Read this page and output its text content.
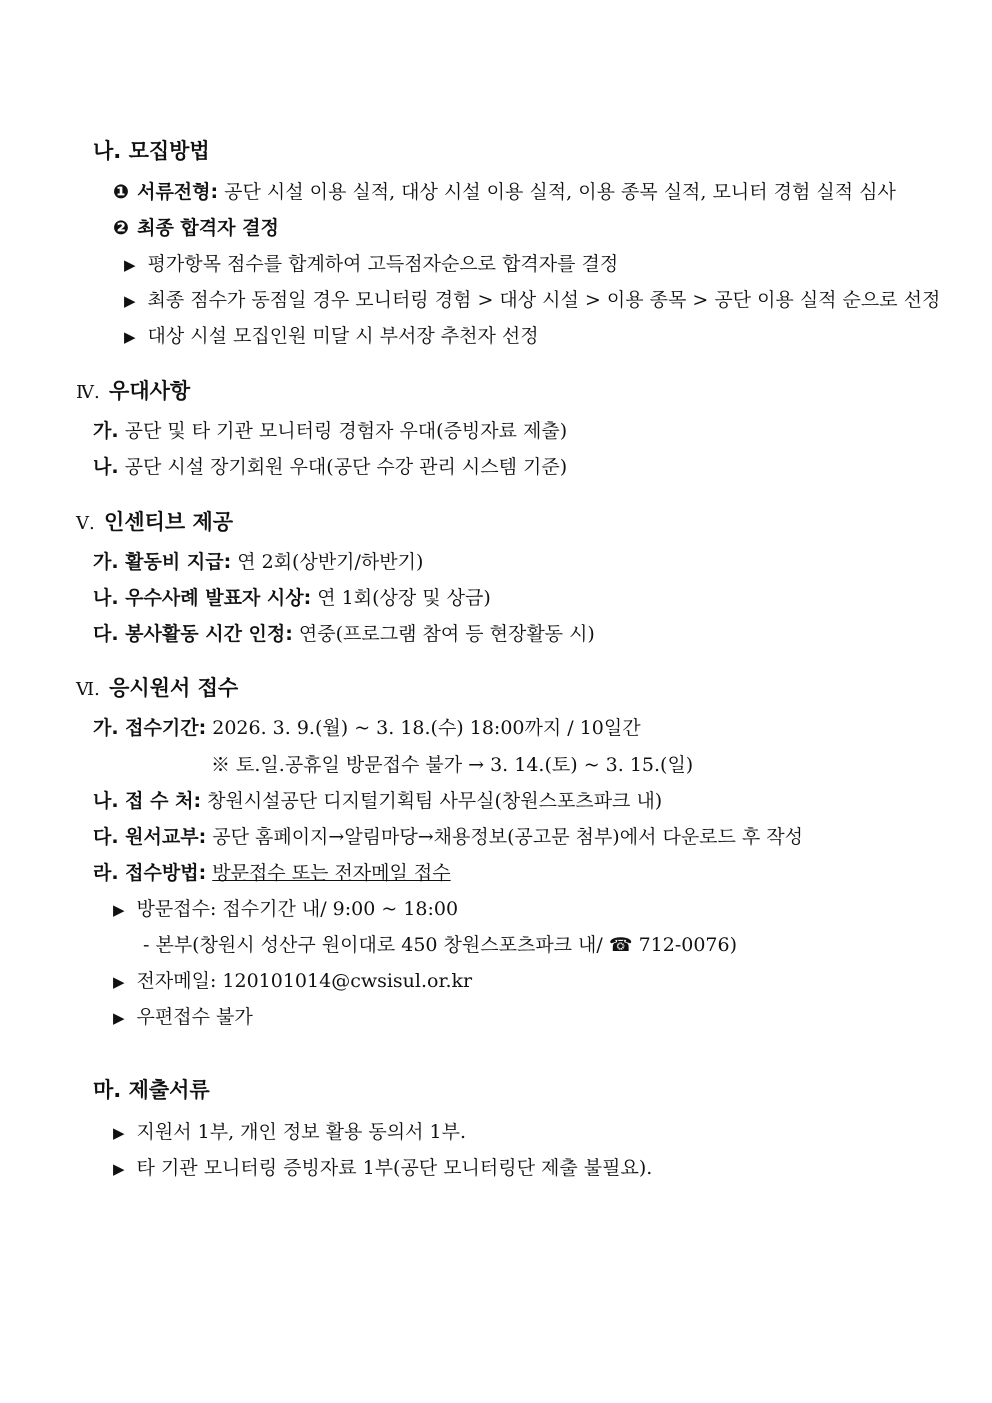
나. 모집방법
❶ 서류전형: 공단 시설 이용 실적, 대상 시설 이용 실적, 이용 종목 실적, 모니터 경험 실적 심사
❷ 최종 합격자 결정
▶ 평가항목 점수를 합계하여 고득점자순으로 합격자를 결정
▶ 최종 점수가 동점일 경우 모니터링 경험 > 대상 시설 > 이용 종목 > 공단 이용 실적 순으로 선정
▶ 대상 시설 모집인원 미달 시 부서장 추천자 선정
Ⅳ. 우대사항
가. 공단 및 타 기관 모니터링 경험자 우대(증빙자료 제출)
나. 공단 시설 장기회원 우대(공단 수강 관리 시스템 기준)
Ⅴ. 인센티브 제공
가. 활동비 지급: 연 2회(상반기/하반기)
나. 우수사례 발표자 시상: 연 1회(상장 및 상금)
다. 봉사활동 시간 인정: 연중(프로그램 참여 등 현장활동 시)
Ⅵ. 응시원서 접수
가. 접수기간: 2026. 3. 9.(월) ~ 3. 18.(수) 18:00까지 / 10일간
※ 토.일.공휴일 방문접수 불가 → 3. 14.(토) ~ 3. 15.(일)
나. 접 수 처: 창원시설공단 디지털기획팀 사무실(창원스포츠파크 내)
다. 원서교부: 공단 홈페이지→알림마당→채용정보(공고문 첨부)에서 다운로드 후 작성
라. 접수방법: 방문접수 또는 전자메일 접수
▶ 방문접수: 접수기간 내/ 9:00 ~ 18:00
- 본부(창원시 성산구 원이대로 450 창원스포츠파크 내/ ☎ 712-0076)
▶ 전자메일: 120101014@cwsisul.or.kr
▶ 우편접수 불가
마. 제출서류
▶ 지원서 1부, 개인 정보 활용 동의서 1부.
▶ 타 기관 모니터링 증빙자료 1부(공단 모니터링단 제출 불필요).
